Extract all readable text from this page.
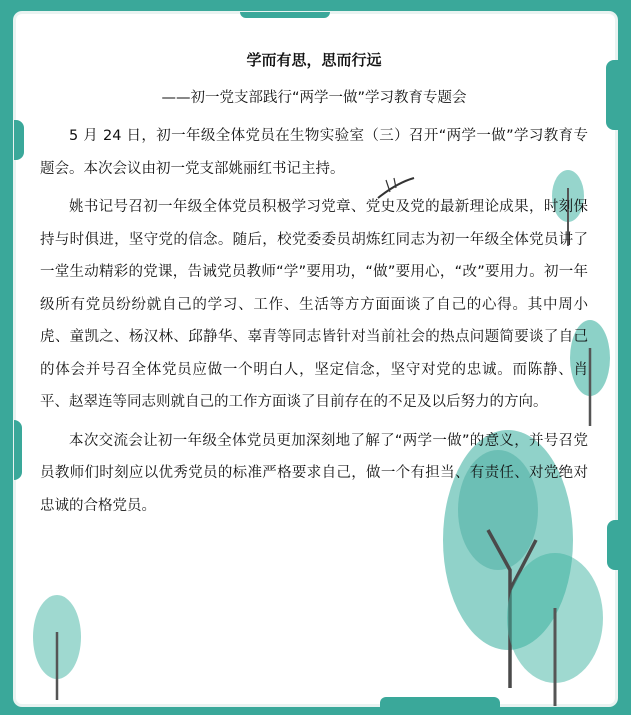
学而有思，思而行远

——初一党支部践行“两学一做”学习教育专题会

5 月 24 日，初一年级全体党员在生物实验室（三）召开“两学一做”学习教育专题会。本次会议由初一党支部姚丽红书记主持。

姚书记号召初一年级全体党员积极学习党章、党史及党的最新理论成果，时刻保持与时俱进，坚守党的信念。随后，校党委委员胡炼红同志为初一年级全体党员讲了一堂生动精彩的党课，告诫党员教师“学”要用功，“做”要用心，“改”要用力。初一年级所有党员纷纷就自己的学习、工作、生活等方方面面谈了自己的心得。其中周小虎、童凯之、杨汉林、邱静华、辜青等同志皆针对当前社会的热点问题简要谈了自己的体会并号召全体党员应做一个明白人，坚定信念，坚守对党的忠诚。而陈静、肖平、赵翠连等同志则就自己的工作方面谈了目前存在的不足及以后努力的方向。

本次交流会让初一年级全体党员更加深刻地了解了“两学一做”的意义，并号召党员教师们时刻应以优秀党员的标准严格要求自己，做一个有担当、有责任、对党绝对忠诚的合格党员。
